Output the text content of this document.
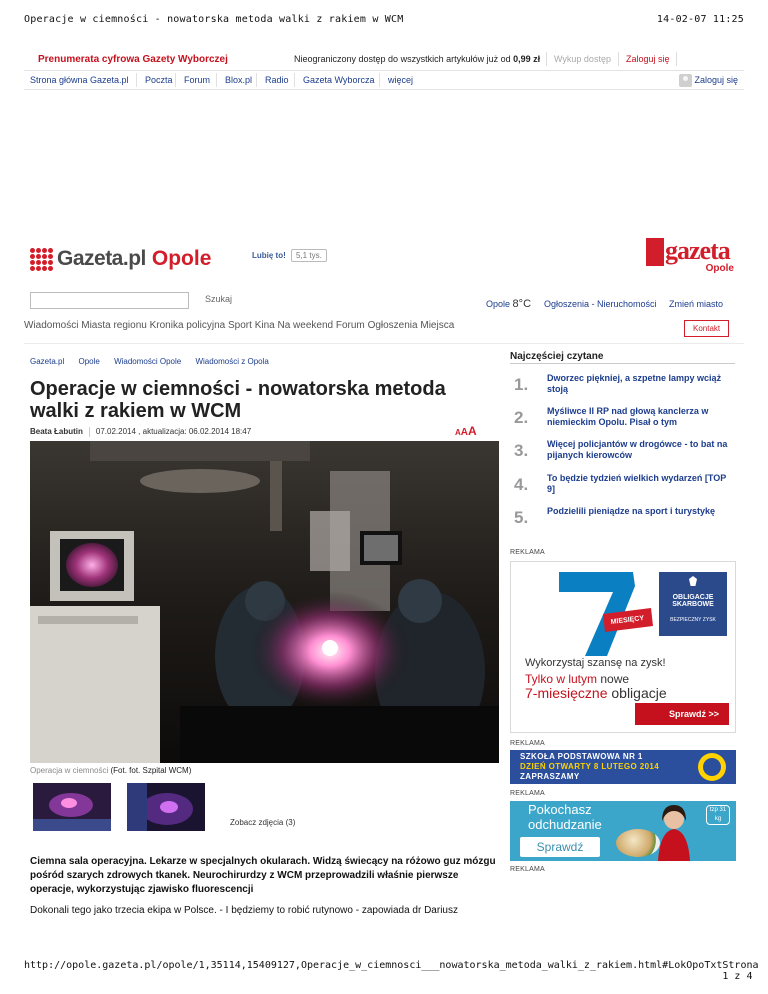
Operacje w ciemności - nowatorska metoda walki z rakiem w WCM	14-02-07 11:25
Prenumerata cyfrowa Gazety Wyborczej	Nieograniczony dostęp do wszystkich artykułów już od 0,99 zł Wykup dostęp Zaloguj się
Strona główna Gazeta.pl Poczta Forum Blox.pl Radio Gazeta Wyborcza więcej	Zaloguj się
Gazeta.pl Opole	Lubię to!	5,1 tys.	gazeta
Opole
Szukaj	Opole 8°C Ogłoszenia - Nieruchomości Zmień miasto
Wiadomości Miasta regionu Kronika policyjna Sport Kina Na weekend Forum Ogłoszenia Miejsca	Kontakt
Gazeta.pl Opole Wiadomości Opole Wiadomości z Opola
Operacje w ciemności - nowatorska metoda walki z rakiem w WCM
Beata Łabutin 07.02.2014 , aktualizacja: 06.02.2014 18:47	AAA
Operacja w ciemności (Fot. fot. Szpital WCM)
Zobacz zdjęcia (3)

Ciemna sala operacyjna. Lekarze w specjalnych okularach. Widzą świecący na różowo guz mózgu pośród szarych zdrowych tkanek. Neurochirurdzy z WCM przeprowadzili właśnie pierwsze operacje, wykorzystując zjawisko fluorescencji

Dokonali tego jako trzecia ekipa w Polsce. - I będziemy to robić rutynowo - zapowiada dr Dariusz

Najczęściej czytane
1. Dworzec piękniej, a szpetne lampy wciąż stoją
2. Myśliwce II RP nad głową kanclerza w niemieckim Opolu. Pisał o tym
3. Więcej policjantów w drogówce - to bat na pijanych kierowców
4. To będzie tydzień wielkich wydarzeń [TOP 9]
5. Podzielili pieniądze na sport i turystykę
REKLAMA
MIESIĘCY
7
OBLIGACJE SKARBOWE
BEZPIECZNY ZYSK
Wykorzystaj szansę na zysk!
Tylko w lutym nowe
7-miesięczne obligacje
Sprawdź >>
REKLAMA
SZKOŁA PODSTAWOWA NR 1
DZIEŃ OTWARTY 8 LUTEGO 2014
ZAPRASZAMY
REKLAMA
Pokochasz
odchudzanie
Sprawdź
tzp 31 kg
REKLAMA
http://opole.gazeta.pl/opole/1,35114,15409127,Operacje_w_ciemnosci___nowatorska_metoda_walki_z_rakiem.html#LokOpoTxt Strona 1 z 4
